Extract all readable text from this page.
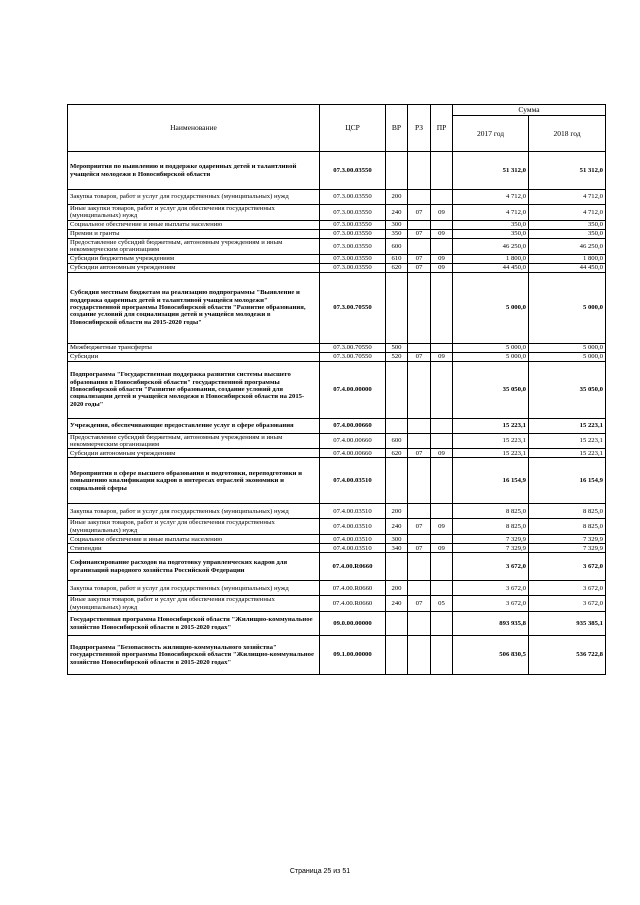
Наименование	ЦСР	ВР	РЗ	ПР	Сумма	
					2017 год	2018 год
Мероприятия по выявлению и поддержке одаренных детей и талантливой учащейся молодежи в Новосибирской области	07.3.00.03550				51 312,0	51 312,0
Закупка товаров, работ и услуг для государственных (муниципальных) нужд	07.3.00.03550	200			4 712,0	4 712,0
Иные закупки товаров, работ и услуг для обеспечения государственных (муниципальных) нужд	07.3.00.03550	240	07	09	4 712,0	4 712,0
Социальное обеспечение и иные выплаты населению	07.3.00.03550	300			350,0	350,0
Премии и гранты	07.3.00.03550	350	07	09	350,0	350,0
Предоставление субсидий бюджетным, автономным учреждениям и иным некоммерческим организациям	07.3.00.03550	600			46 250,0	46 250,0
Субсидии бюджетным учреждениям	07.3.00.03550	610	07	09	1 800,0	1 800,0
Субсидии автономным учреждениям	07.3.00.03550	620	07	09	44 450,0	44 450,0
Субсидия местным бюджетам на реализацию подпрограммы "Выявление и поддержка одаренных детей и талантливой учащейся молодежи" государственной программы Новосибирской области "Развитие образования, создание условий для социализации детей и учащейся молодежи в Новосибирской области на 2015-2020 годы"	07.3.00.70550				5 000,0	5 000,0
Межбюджетные трансферты	07.3.00.70550	500			5 000,0	5 000,0
Субсидии	07.3.00.70550	520	07	09	5 000,0	5 000,0
Подпрограмма "Государственная поддержка развития системы высшего образования в Новосибирской области" государственной программы Новосибирской области "Развитие образования, создание условий для социализации детей и учащейся молодежи в Новосибирской области на 2015-2020 годы"	07.4.00.00000				35 050,0	35 050,0
Учреждения, обеспечивающие предоставление услуг в сфере образования	07.4.00.00660				15 223,1	15 223,1
Предоставление субсидий бюджетным, автономным учреждениям и иным некоммерческим организациям	07.4.00.00660	600			15 223,1	15 223,1
Субсидии автономным учреждениям	07.4.00.00660	620	07	09	15 223,1	15 223,1
Мероприятия в сфере высшего образования и подготовки, переподготовки и повышению квалификации кадров в интересах отраслей экономики и социальной сферы	07.4.00.03510				16 154,9	16 154,9
Закупка товаров, работ и услуг для государственных (муниципальных) нужд	07.4.00.03510	200			8 825,0	8 825,0
Иные закупки товаров, работ и услуг для обеспечения государственных (муниципальных) нужд	07.4.00.03510	240	07	09	8 825,0	8 825,0
Социальное обеспечение и иные выплаты населению	07.4.00.03510	300			7 329,9	7 329,9
Стипендии	07.4.00.03510	340	07	09	7 329,9	7 329,9
Софинансирование расходов на подготовку управленческих кадров для организаций народного хозяйства Российской Федерации	07.4.00.R0660				3 672,0	3 672,0
Закупка товаров, работ и услуг для государственных (муниципальных) нужд	07.4.00.R0660	200			3 672,0	3 672,0
Иные закупки товаров, работ и услуг для обеспечения государственных (муниципальных) нужд	07.4.00.R0660	240	07	05	3 672,0	3 672,0
Государственная программа Новосибирской области "Жилищно-коммунальное хозяйство Новосибирской области в 2015-2020 годах"	09.0.00.00000				893 935,8	935 385,1
Подпрограмма "Безопасность жилищно-коммунального хозяйства" государственной программы Новосибирской области "Жилищно-коммунальное хозяйство Новосибирской области в 2015-2020 годах"	09.1.00.00000				506 830,5	536 722,8
Страница 25 из 51
